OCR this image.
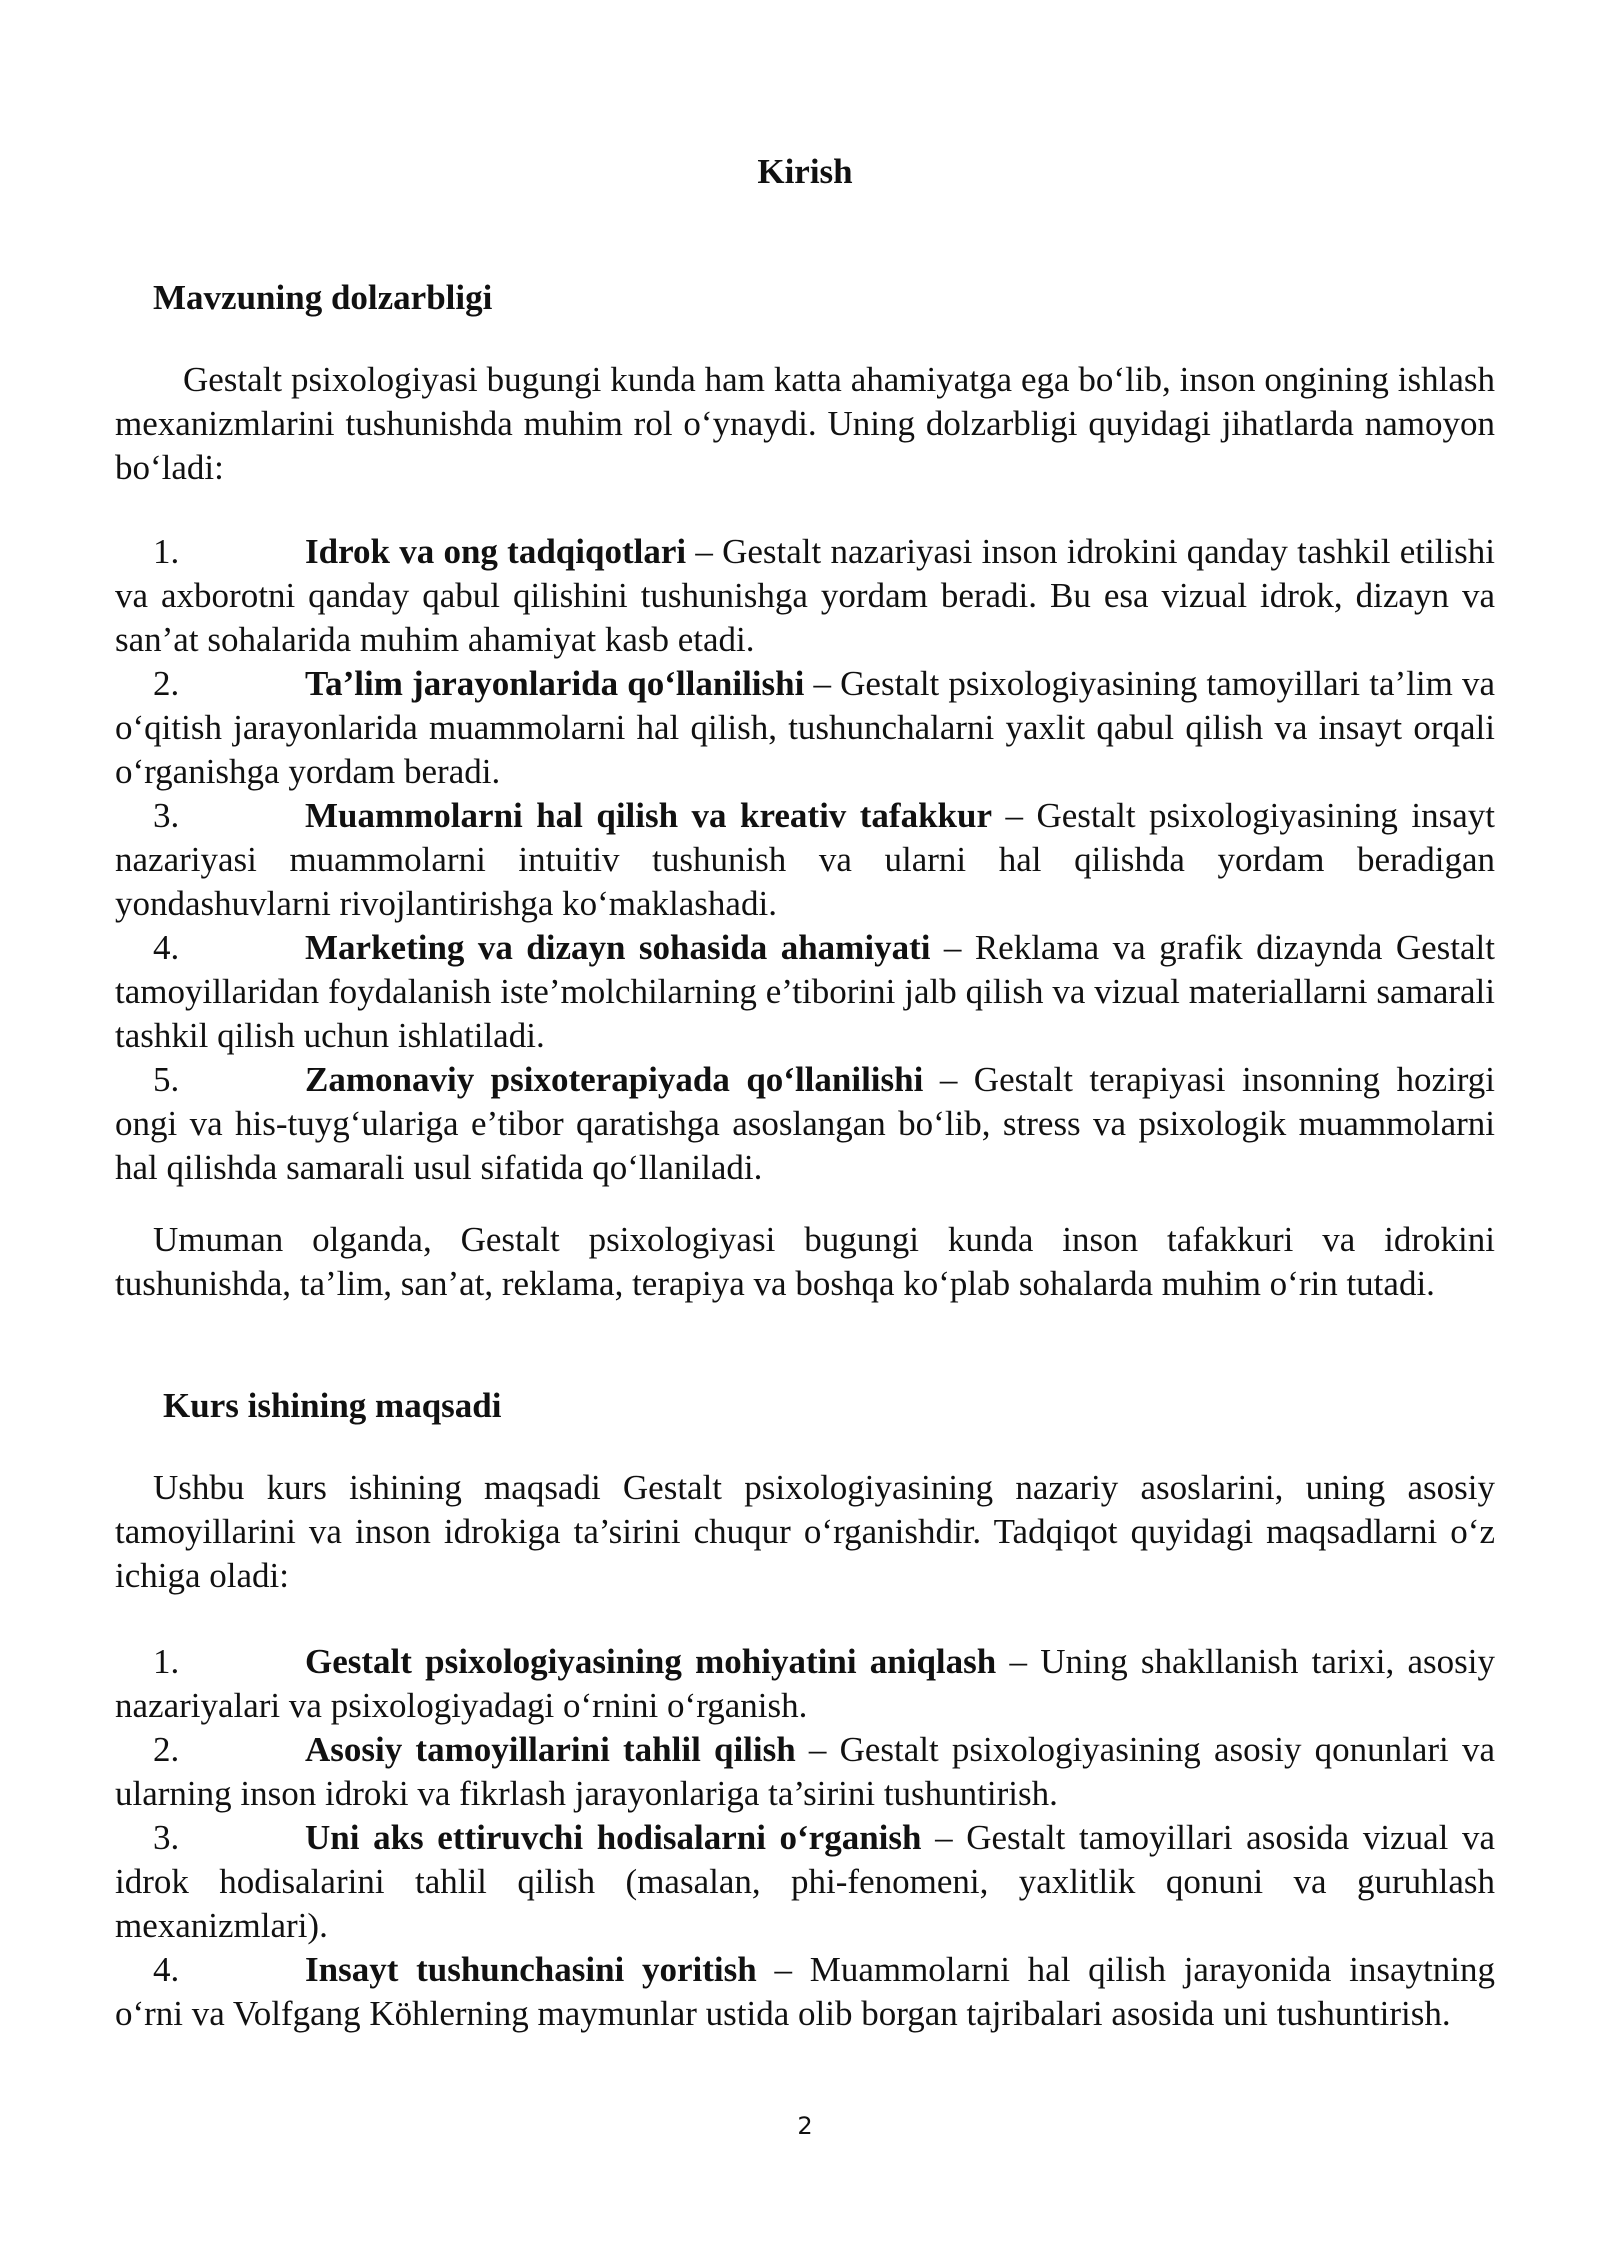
Kirish
Mavzuning dolzarbligi

Gestalt psixologiyasi bugungi kunda ham katta ahamiyatga ega bo‘lib, inson ongining ishlash mexanizmlarini tushunishda muhim rol o‘ynaydi. Uning dolzarbligi quyidagi jihatlarda namoyon bo‘ladi:

1.	Idrok va ong tadqiqotlari – Gestalt nazariyasi inson idrokini qanday tashkil etilishi va axborotni qanday qabul qilishini tushunishga yordam beradi. Bu esa vizual idrok, dizayn va san’at sohalarida muhim ahamiyat kasb etadi.
2.	Ta’lim jarayonlarida qo‘llanilishi – Gestalt psixologiyasining tamoyillari ta’lim va o‘qitish jarayonlarida muammolarni hal qilish, tushunchalarni yaxlit qabul qilish va insayt orqali o‘rganishga yordam beradi.
3.	Muammolarni hal qilish va kreativ tafakkur – Gestalt psixologiyasining insayt nazariyasi muammolarni intuitiv tushunish va ularni hal qilishda yordam beradigan yondashuvlarni rivojlantirishga ko‘maklashadi.
4.	Marketing va dizayn sohasida ahamiyati – Reklama va grafik dizaynda Gestalt tamoyillaridan foydalanish iste’molchilarning e’tiborini jalb qilish va vizual materiallarni samarali tashkil qilish uchun ishlatiladi.
5.	Zamonaviy psixoterapiyada qo‘llanilishi – Gestalt terapiyasi insonning hozirgi ongi va his-tuyg‘ulariga e’tibor qaratishga asoslangan bo‘lib, stress va psixologik muammolarni hal qilishda samarali usul sifatida qo‘llaniladi.

Umuman olganda, Gestalt psixologiyasi bugungi kunda inson tafakkuri va idrokini tushunishda, ta’lim, san’at, reklama, terapiya va boshqa ko‘plab sohalarda muhim o‘rin tutadi.

Kurs ishining maqsadi

Ushbu kurs ishining maqsadi Gestalt psixologiyasining nazariy asoslarini, uning asosiy tamoyillarini va inson idrokiga ta’sirini chuqur o‘rganishdir. Tadqiqot quyidagi maqsadlarni o‘z ichiga oladi:

1.	Gestalt psixologiyasining mohiyatini aniqlash – Uning shakllanish tarixi, asosiy nazariyalari va psixologiyadagi o‘rnini o‘rganish.
2.	Asosiy tamoyillarini tahlil qilish – Gestalt psixologiyasining asosiy qonunlari va ularning inson idroki va fikrlash jarayonlariga ta’sirini tushuntirish.
3.	Uni aks ettiruvchi hodisalarni o‘rganish – Gestalt tamoyillari asosida vizual va idrok hodisalarini tahlil qilish (masalan, phi-fenomeni, yaxlitlik qonuni va guruhlash mexanizmlari).
4.	Insayt tushunchasini yoritish – Muammolarni hal qilish jarayonida insaytning o‘rni va Volfgang Köhlerning maymunlar ustida olib borgan tajribalari asosida uni tushuntirish.

2
